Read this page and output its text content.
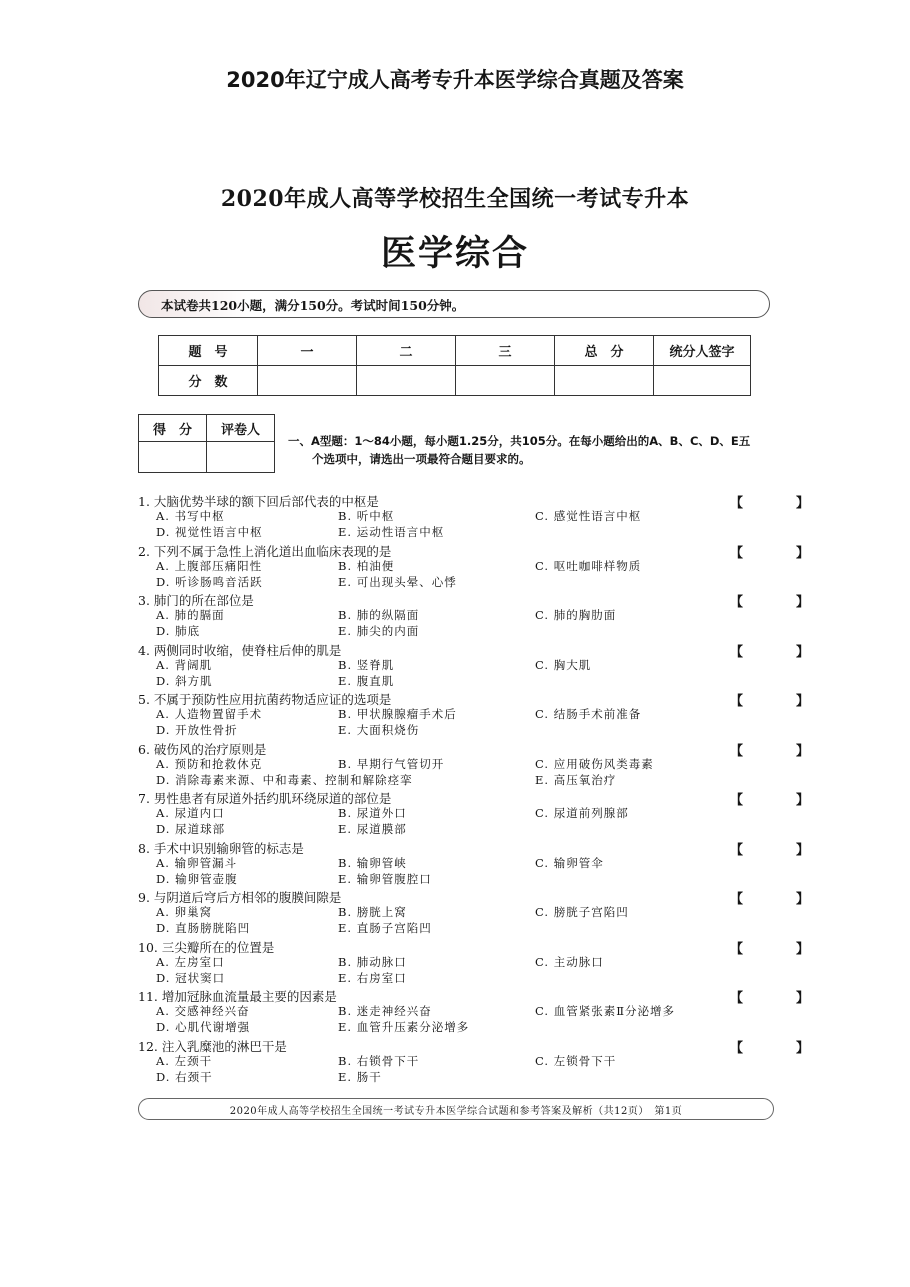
2020年辽宁成人高考专升本医学综合真题及答案
2020年成人高等学校招生全国统一考试专升本
医学综合
本试卷共120小题，满分150分。考试时间150分钟。
题　号	一	二	三	总　分	统分人签字
分　数					
得　分	评卷人

一、A型题：1～84小题，每小题1.25分，共105分。在每小题给出的A、B、C、D、E五
个选项中，请选出一项最符合题目要求的。
1. 大脑优势半球的额下回后部代表的中枢是	【　】
A. 书写中枢	B. 听中枢	C. 感觉性语言中枢
D. 视觉性语言中枢	E. 运动性语言中枢
2. 下列不属于急性上消化道出血临床表现的是	【　】
A. 上腹部压痛阳性	B. 柏油便	C. 呕吐咖啡样物质
D. 听诊肠鸣音活跃	E. 可出现头晕、心悸
3. 肺门的所在部位是	【　】
A. 肺的膈面	B. 肺的纵隔面	C. 肺的胸肋面
D. 肺底	E. 肺尖的内面
4. 两侧同时收缩，使脊柱后伸的肌是	【　】
A. 背阔肌	B. 竖脊肌	C. 胸大肌
D. 斜方肌	E. 腹直肌
5. 不属于预防性应用抗菌药物适应证的选项是	【　】
A. 人造物置留手术	B. 甲状腺腺瘤手术后	C. 结肠手术前准备
D. 开放性骨折	E. 大面积烧伤
6. 破伤风的治疗原则是	【　】
A. 预防和抢救休克	B. 早期行气管切开	C. 应用破伤风类毒素
D. 消除毒素来源、中和毒素、控制和解除痉挛	E. 高压氧治疗
7. 男性患者有尿道外括约肌环绕尿道的部位是	【　】
A. 尿道内口	B. 尿道外口	C. 尿道前列腺部
D. 尿道球部	E. 尿道膜部
8. 手术中识别输卵管的标志是	【　】
A. 输卵管漏斗	B. 输卵管峡	C. 输卵管伞
D. 输卵管壶腹	E. 输卵管腹腔口
9. 与阴道后穹后方相邻的腹膜间隙是	【　】
A. 卵巢窝	B. 膀胱上窝	C. 膀胱子宫陷凹
D. 直肠膀胱陷凹	E. 直肠子宫陷凹
10. 三尖瓣所在的位置是	【　】
A. 左房室口	B. 肺动脉口	C. 主动脉口
D. 冠状窦口	E. 右房室口
11. 增加冠脉血流量最主要的因素是	【　】
A. 交感神经兴奋	B. 迷走神经兴奋	C. 血管紧张素Ⅱ分泌增多
D. 心肌代谢增强	E. 血管升压素分泌增多
12. 注入乳糜池的淋巴干是	【　】
A. 左颈干	B. 右锁骨下干	C. 左锁骨下干
D. 右颈干	E. 肠干
2020年成人高等学校招生全国统一考试专升本医学综合试题和参考答案及解析（共12页）　第1页
